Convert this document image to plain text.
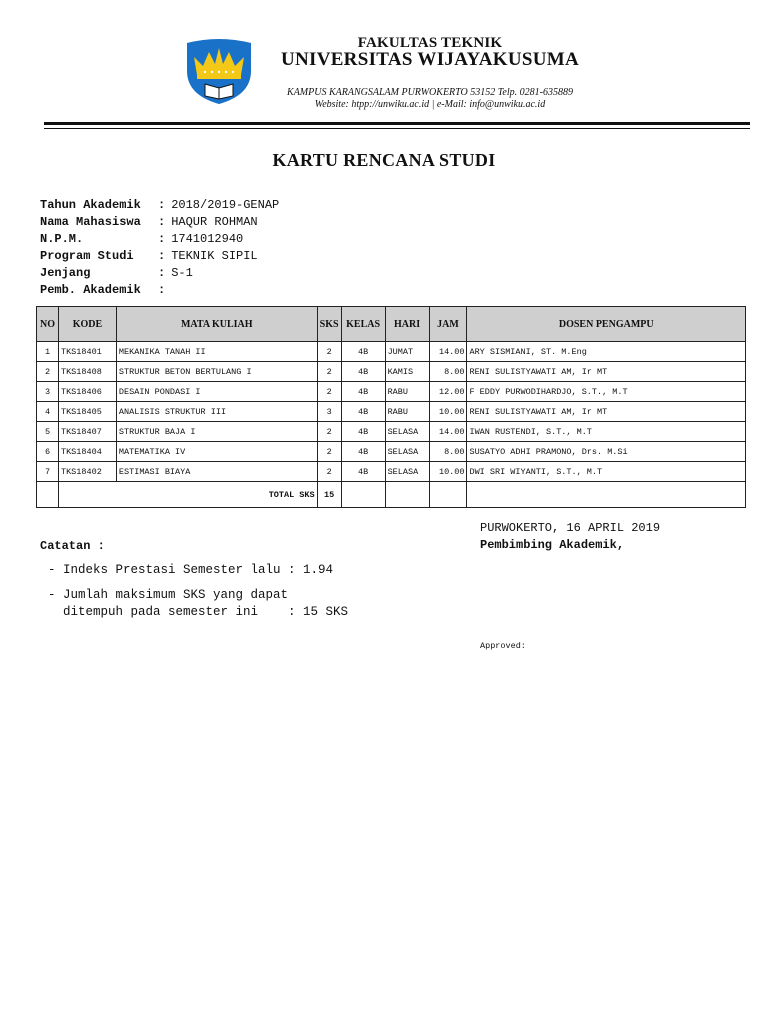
FAKULTAS TEKNIK
UNIVERSITAS WIJAYAKUSUMA
KAMPUS KARANGSALAM PURWOKERTO 53152 Telp. 0281-635889
Website: htpp://unwiku.ac.id | e-Mail: info@unwiku.ac.id
KARTU RENCANA STUDI
Tahun Akademik : 2018/2019-GENAP
Nama Mahasiswa : HAQUR ROHMAN
N.P.M.	: 1741012940
Program Studi : TEKNIK SIPIL
Jenjang	: S-1
Pemb. Akademik :
NO	KODE	MATA KULIAH	SKS	KELAS	HARI	JAM	DOSEN PENGAMPU
1	TKS18401	MEKANIKA TANAH II	2	4B	JUMAT	14.00	ARY SISMIANI, ST. M.Eng
2	TKS18408	STRUKTUR BETON BERTULANG I	2	4B	KAMIS	8.00	RENI SULISTYAWATI AM, Ir MT
3	TKS18406	DESAIN PONDASI I	2	4B	RABU	12.00	F EDDY PURWODIHARDJO, S.T., M.T
4	TKS18405	ANALISIS STRUKTUR III	3	4B	RABU	10.00	RENI SULISTYAWATI AM, Ir MT
5	TKS18407	STRUKTUR BAJA I	2	4B	SELASA	14.00	IWAN RUSTENDI, S.T., M.T
6	TKS18404	MATEMATIKA IV	2	4B	SELASA	8.00	SUSATYO ADHI PRAMONO, Drs. M.Si
7	TKS18402	ESTIMASI BIAYA	2	4B	SELASA	10.00	DWI SRI WIYANTI, S.T., M.T
	TOTAL SKS		15				
PURWOKERTO, 16 APRIL 2019
Pembimbing Akademik,
Approved:
Catatan :
- Indeks Prestasi Semester lalu : 1.94
- Jumlah maksimum SKS yang dapat
ditempuh pada semester ini    : 15 SKS
